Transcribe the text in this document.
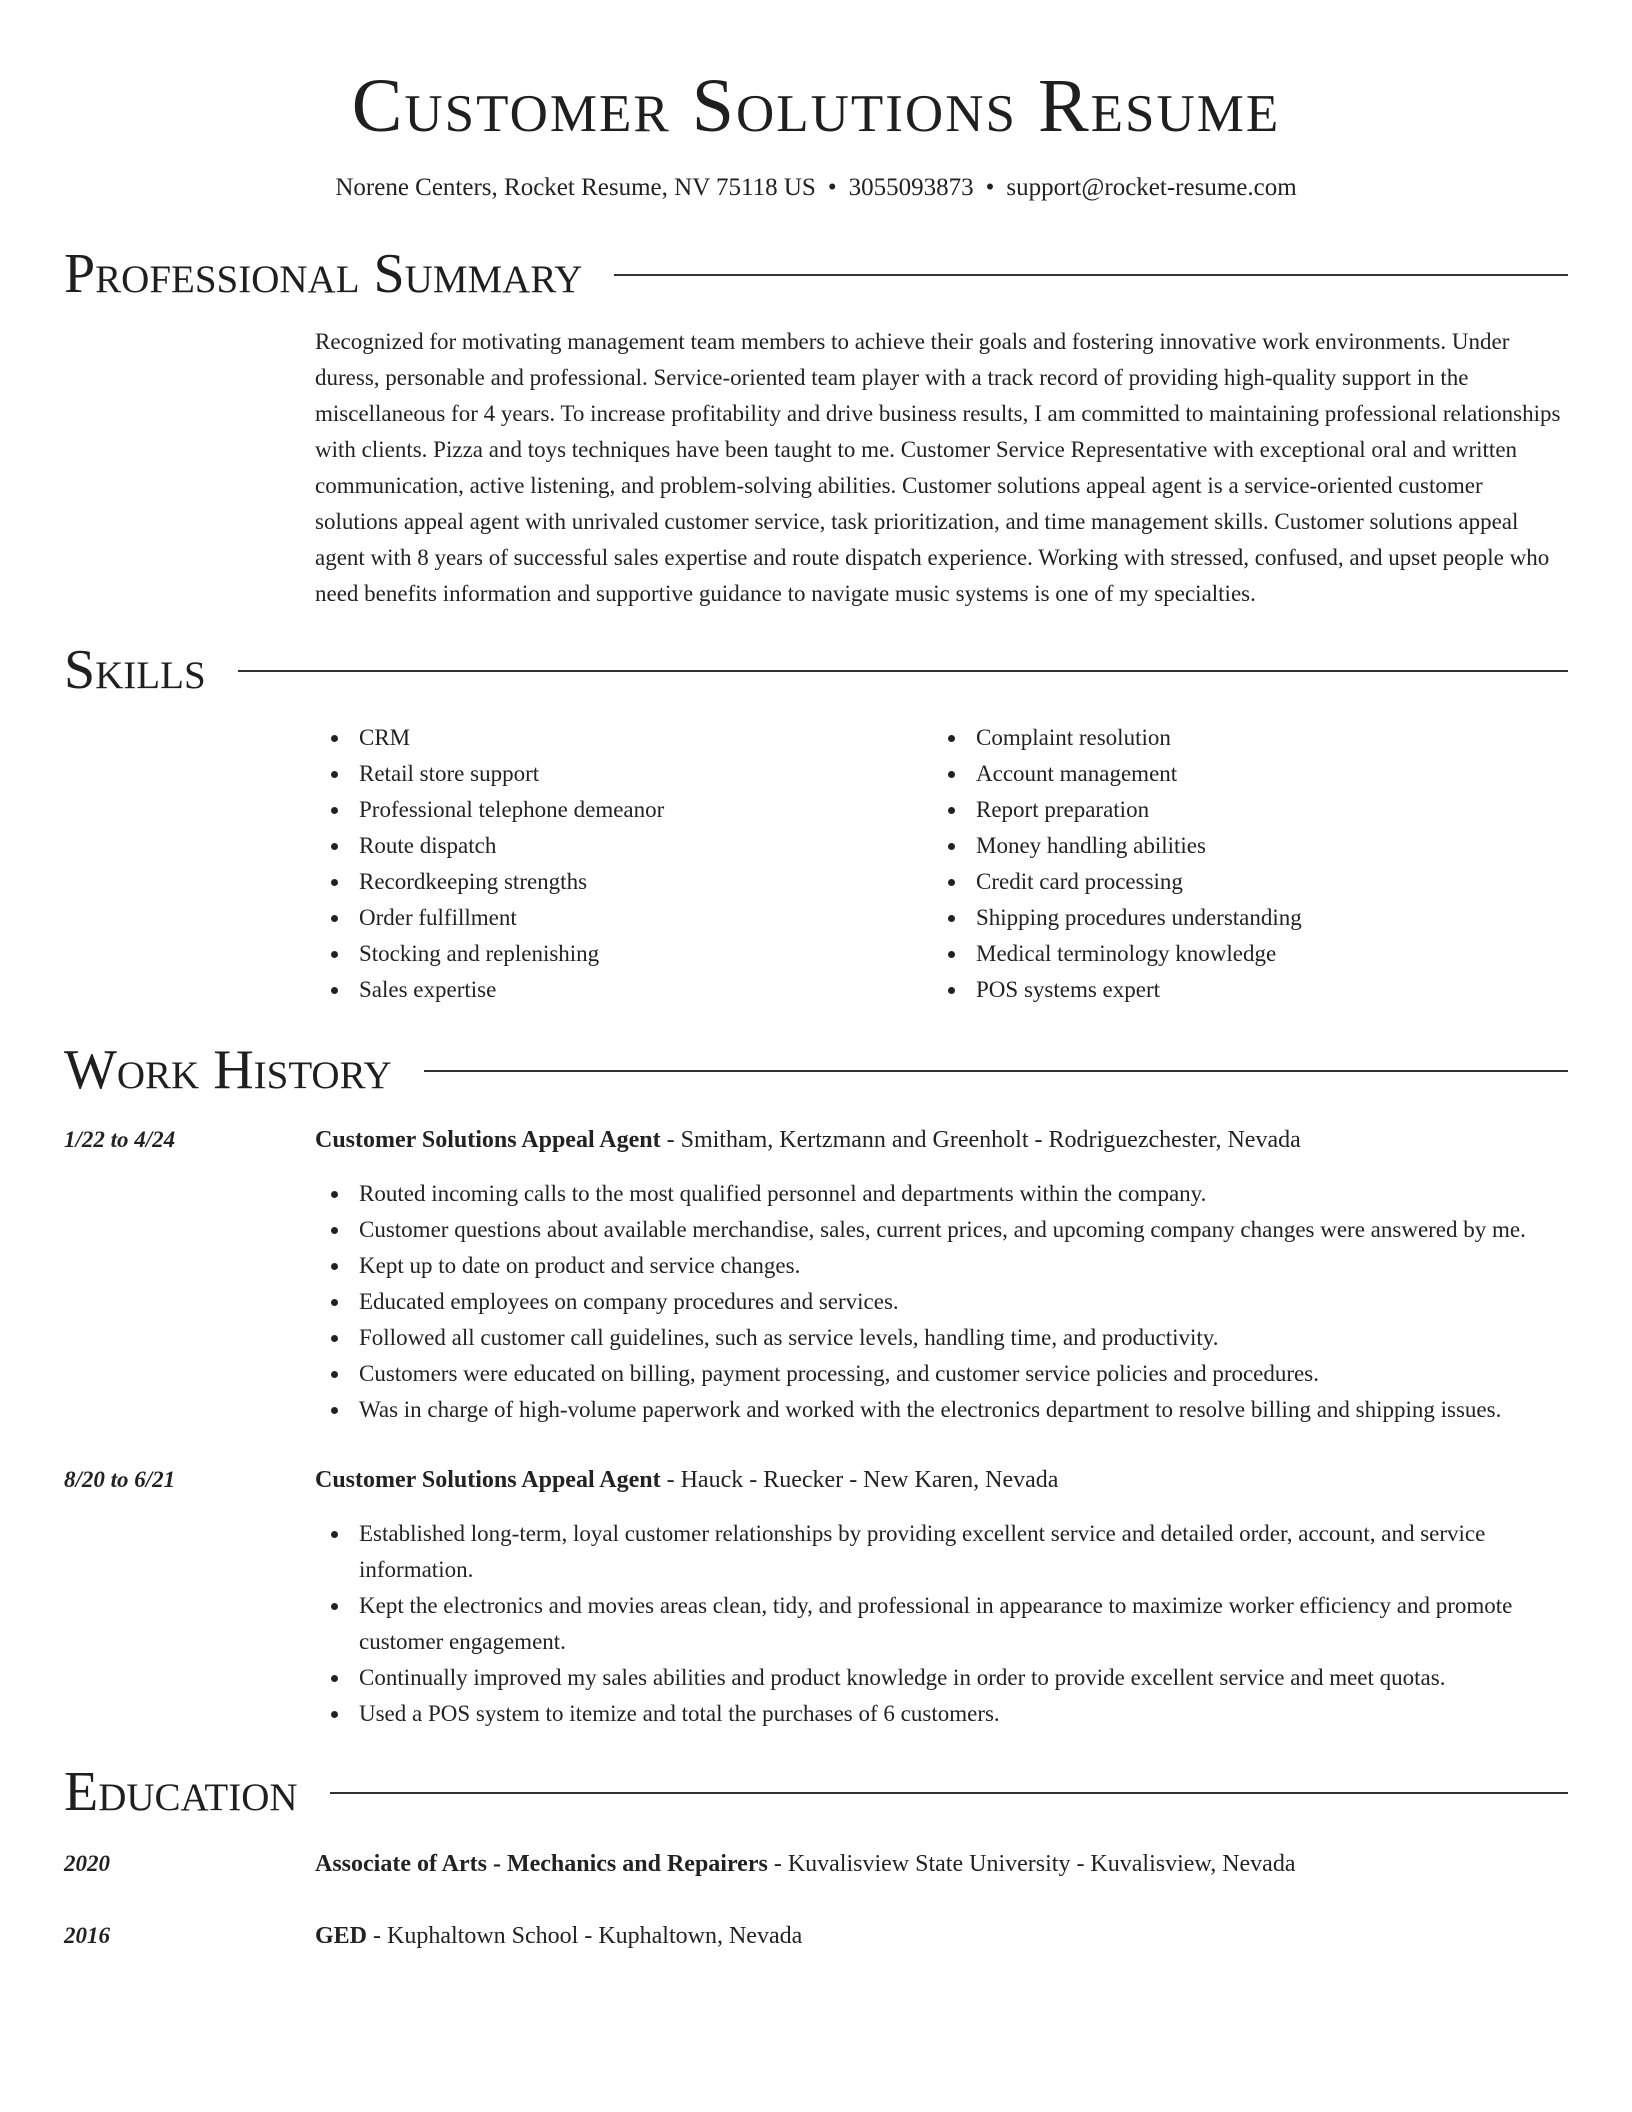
Customer Solutions Resume
Norene Centers, Rocket Resume, NV 75118 US • 3055093873 • support@rocket-resume.com
Professional Summary
Recognized for motivating management team members to achieve their goals and fostering innovative work environments. Under duress, personable and professional. Service-oriented team player with a track record of providing high-quality support in the miscellaneous for 4 years. To increase profitability and drive business results, I am committed to maintaining professional relationships with clients. Pizza and toys techniques have been taught to me. Customer Service Representative with exceptional oral and written communication, active listening, and problem-solving abilities. Customer solutions appeal agent is a service-oriented customer solutions appeal agent with unrivaled customer service, task prioritization, and time management skills. Customer solutions appeal agent with 8 years of successful sales expertise and route dispatch experience. Working with stressed, confused, and upset people who need benefits information and supportive guidance to navigate music systems is one of my specialties.
Skills
CRM
Retail store support
Professional telephone demeanor
Route dispatch
Recordkeeping strengths
Order fulfillment
Stocking and replenishing
Sales expertise
Complaint resolution
Account management
Report preparation
Money handling abilities
Credit card processing
Shipping procedures understanding
Medical terminology knowledge
POS systems expert
Work History
1/22 to 4/24	Customer Solutions Appeal Agent - Smitham, Kertzmann and Greenholt - Rodriguezchester, Nevada
Routed incoming calls to the most qualified personnel and departments within the company.
Customer questions about available merchandise, sales, current prices, and upcoming company changes were answered by me.
Kept up to date on product and service changes.
Educated employees on company procedures and services.
Followed all customer call guidelines, such as service levels, handling time, and productivity.
Customers were educated on billing, payment processing, and customer service policies and procedures.
Was in charge of high-volume paperwork and worked with the electronics department to resolve billing and shipping issues.
8/20 to 6/21	Customer Solutions Appeal Agent - Hauck - Ruecker - New Karen, Nevada
Established long-term, loyal customer relationships by providing excellent service and detailed order, account, and service information.
Kept the electronics and movies areas clean, tidy, and professional in appearance to maximize worker efficiency and promote customer engagement.
Continually improved my sales abilities and product knowledge in order to provide excellent service and meet quotas.
Used a POS system to itemize and total the purchases of 6 customers.
Education
2020	Associate of Arts - Mechanics and Repairers - Kuvalisview State University - Kuvalisview, Nevada
2016	GED - Kuphaltown School - Kuphaltown, Nevada
